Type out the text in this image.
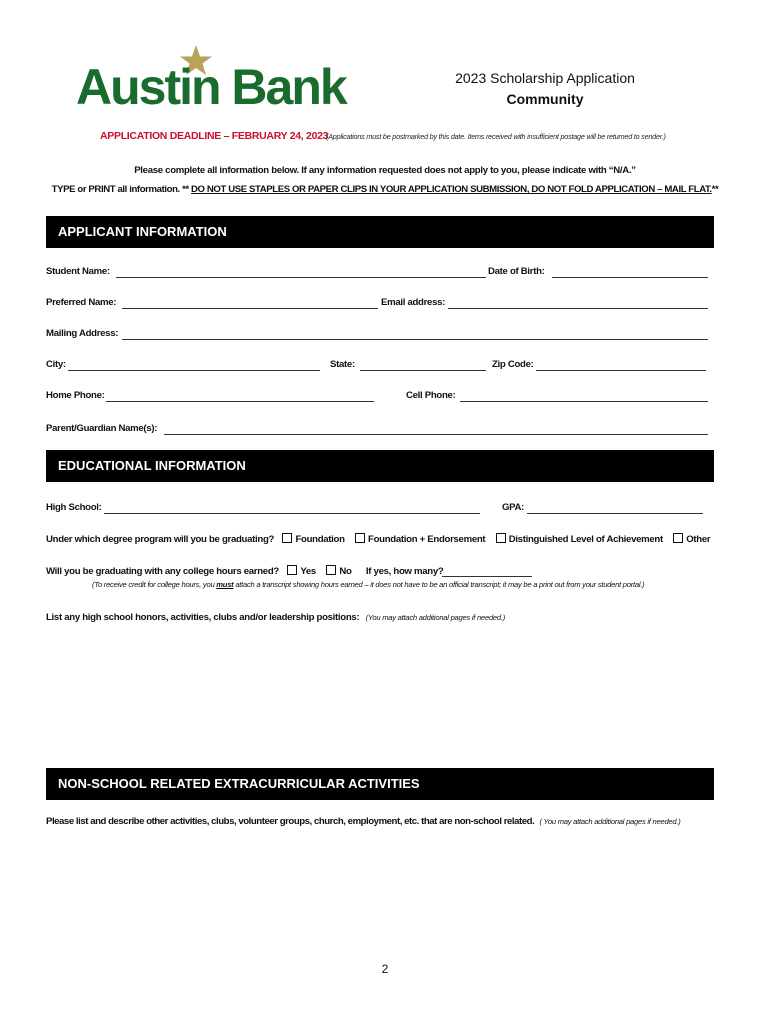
Austin Bank	2023 Scholarship Application
Community
APPLICATION DEADLINE – FEBRUARY 24, 2023
(Applications must be postmarked by this date. Items received with insufficient postage will be returned to sender.)
Please complete all information below. If any information requested does not apply to you, please indicate with “N/A.”
TYPE or PRINT all information. ** DO NOT USE STAPLES OR PAPER CLIPS IN YOUR APPLICATION SUBMISSION, DO NOT FOLD APPLICATION – MAIL FLAT.**
APPLICANT INFORMATION
Student Name:	Date of Birth:
Preferred Name:	Email address:
Mailing Address:
City:	State:	Zip Code:
Home Phone:	Cell Phone:
Parent/Guardian Name(s):
EDUCATIONAL INFORMATION
High School:	GPA:
Under which degree program will you be graduating? Foundation Foundation + Endorsement Distinguished Level of Achievement Other
Will you be graduating with any college hours earned? Yes No If yes, how many?
(To receive credit for college hours, you must attach a transcript showing hours earned – it does not have to be an official transcript; it may be a print out from your student portal.)
List any high school honors, activities, clubs and/or leadership positions: (You may attach additional pages if needed.)
NON-SCHOOL RELATED EXTRACURRICULAR ACTIVITIES
Please list and describe other activities, clubs, volunteer groups, church, employment, etc. that are non-school related. ( You may attach additional pages if needed.)
2
